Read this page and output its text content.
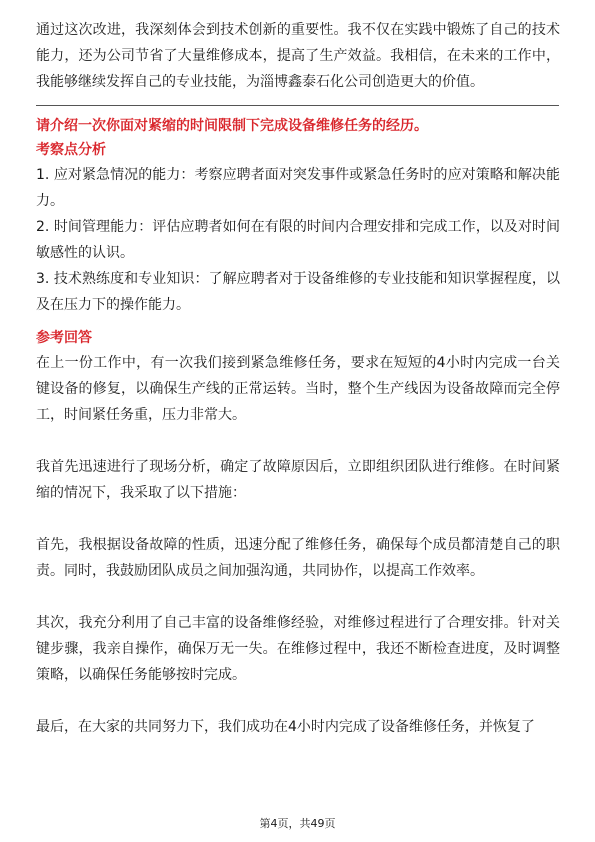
通过这次改进，我深刻体会到技术创新的重要性。我不仅在实践中锻炼了自己的技术能力，还为公司节省了大量维修成本，提高了生产效益。我相信，在未来的工作中，我能够继续发挥自己的专业技能，为淄博鑫泰石化公司创造更大的价值。

请介绍一次你面对紧缩的时间限制下完成设备维修任务的经历。

考察点分析

1. 应对紧急情况的能力：考察应聘者面对突发事件或紧急任务时的应对策略和解决能力。

2. 时间管理能力：评估应聘者如何在有限的时间内合理安排和完成工作，以及对时间敏感性的认识。

3. 技术熟练度和专业知识：了解应聘者对于设备维修的专业技能和知识掌握程度，以及在压力下的操作能力。

参考回答

在上一份工作中，有一次我们接到紧急维修任务，要求在短短的4小时内完成一台关键设备的修复，以确保生产线的正常运转。当时，整个生产线因为设备故障而完全停工，时间紧任务重，压力非常大。

我首先迅速进行了现场分析，确定了故障原因后，立即组织团队进行维修。在时间紧缩的情况下，我采取了以下措施：

首先，我根据设备故障的性质，迅速分配了维修任务，确保每个成员都清楚自己的职责。同时，我鼓励团队成员之间加强沟通，共同协作，以提高工作效率。

其次，我充分利用了自己丰富的设备维修经验，对维修过程进行了合理安排。针对关键步骤，我亲自操作，确保万无一失。在维修过程中，我还不断检查进度，及时调整策略，以确保任务能够按时完成。

最后，在大家的共同努力下，我们成功在4小时内完成了设备维修任务，并恢复了

第4页，共49页
